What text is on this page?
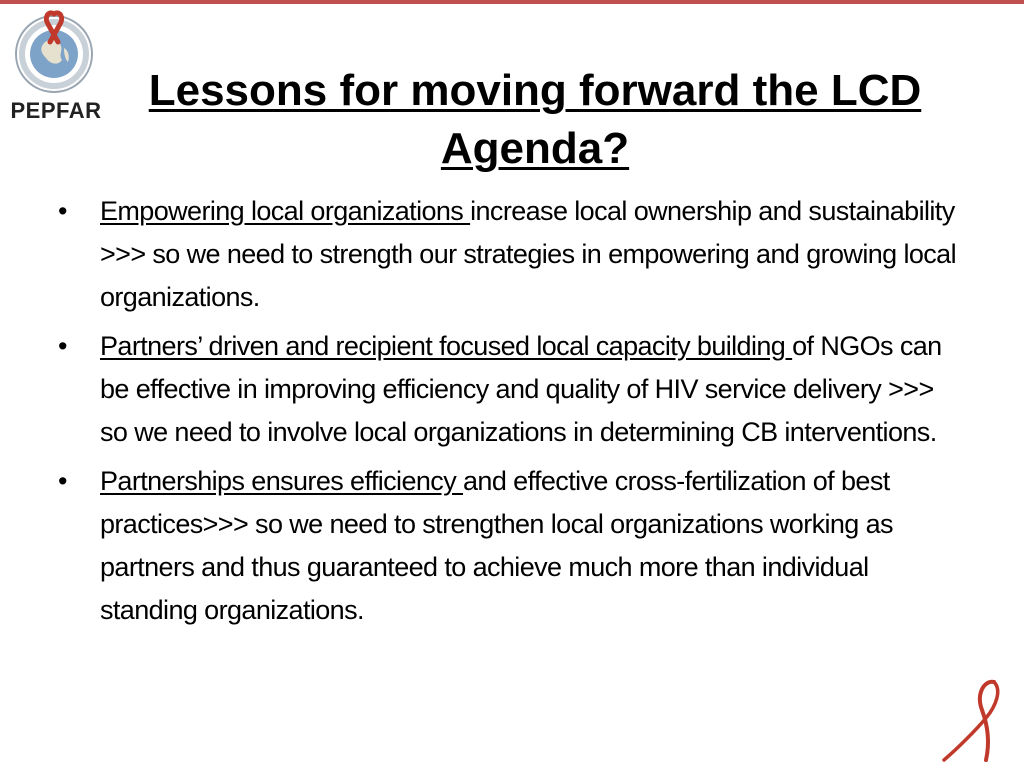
PEPFAR	Lessons for moving forward the LCD Agenda?
• Empowering local organizations increase local ownership and sustainability >>> so we need to strength our strategies in empowering and growing local organizations.
• Partners’ driven and recipient focused local capacity building of NGOs can be effective in improving efficiency and quality of HIV service delivery >>> so we need to involve local organizations in determining CB interventions.
• Partnerships ensures efficiency and effective cross-fertilization of best practices>>> so we need to strengthen local organizations working as partners and thus guaranteed to achieve much more than individual standing organizations.
